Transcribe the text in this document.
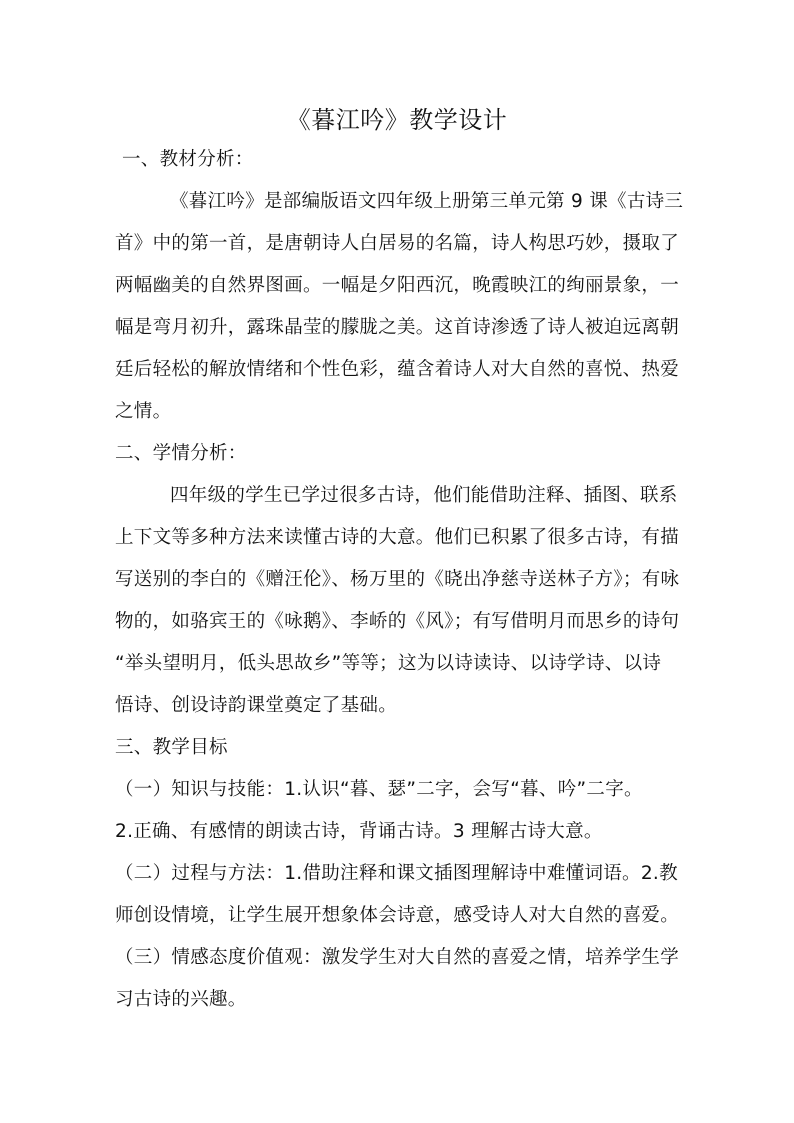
《暮江吟》教学设计
一、教材分析：
《暮江吟》是部编版语文四年级上册第三单元第 9 课《古诗三
首》中的第一首，是唐朝诗人白居易的名篇，诗人构思巧妙，摄取了
两幅幽美的自然界图画。一幅是夕阳西沉，晚霞映江的绚丽景象，一
幅是弯月初升，露珠晶莹的朦胧之美。这首诗渗透了诗人被迫远离朝
廷后轻松的解放情绪和个性色彩，蕴含着诗人对大自然的喜悦、热爱
之情。
二、学情分析：
四年级的学生已学过很多古诗，他们能借助注释、插图、联系
上下文等多种方法来读懂古诗的大意。他们已积累了很多古诗，有描
写送别的李白的《赠汪伦》、杨万里的《晓出净慈寺送林子方》；有咏
物的，如骆宾王的《咏鹅》、李峤的《风》；有写借明月而思乡的诗句
“举头望明月，低头思故乡”等等；这为以诗读诗、以诗学诗、以诗
悟诗、创设诗韵课堂奠定了基础。
三、教学目标
（一）知识与技能：1.认识“暮、瑟”二字，会写“暮、吟”二字。
2.正确、有感情的朗读古诗，背诵古诗。3 理解古诗大意。
（二）过程与方法：1.借助注释和课文插图理解诗中难懂词语。2.教
师创设情境，让学生展开想象体会诗意，感受诗人对大自然的喜爱。
（三）情感态度价值观：激发学生对大自然的喜爱之情，培养学生学
习古诗的兴趣。
